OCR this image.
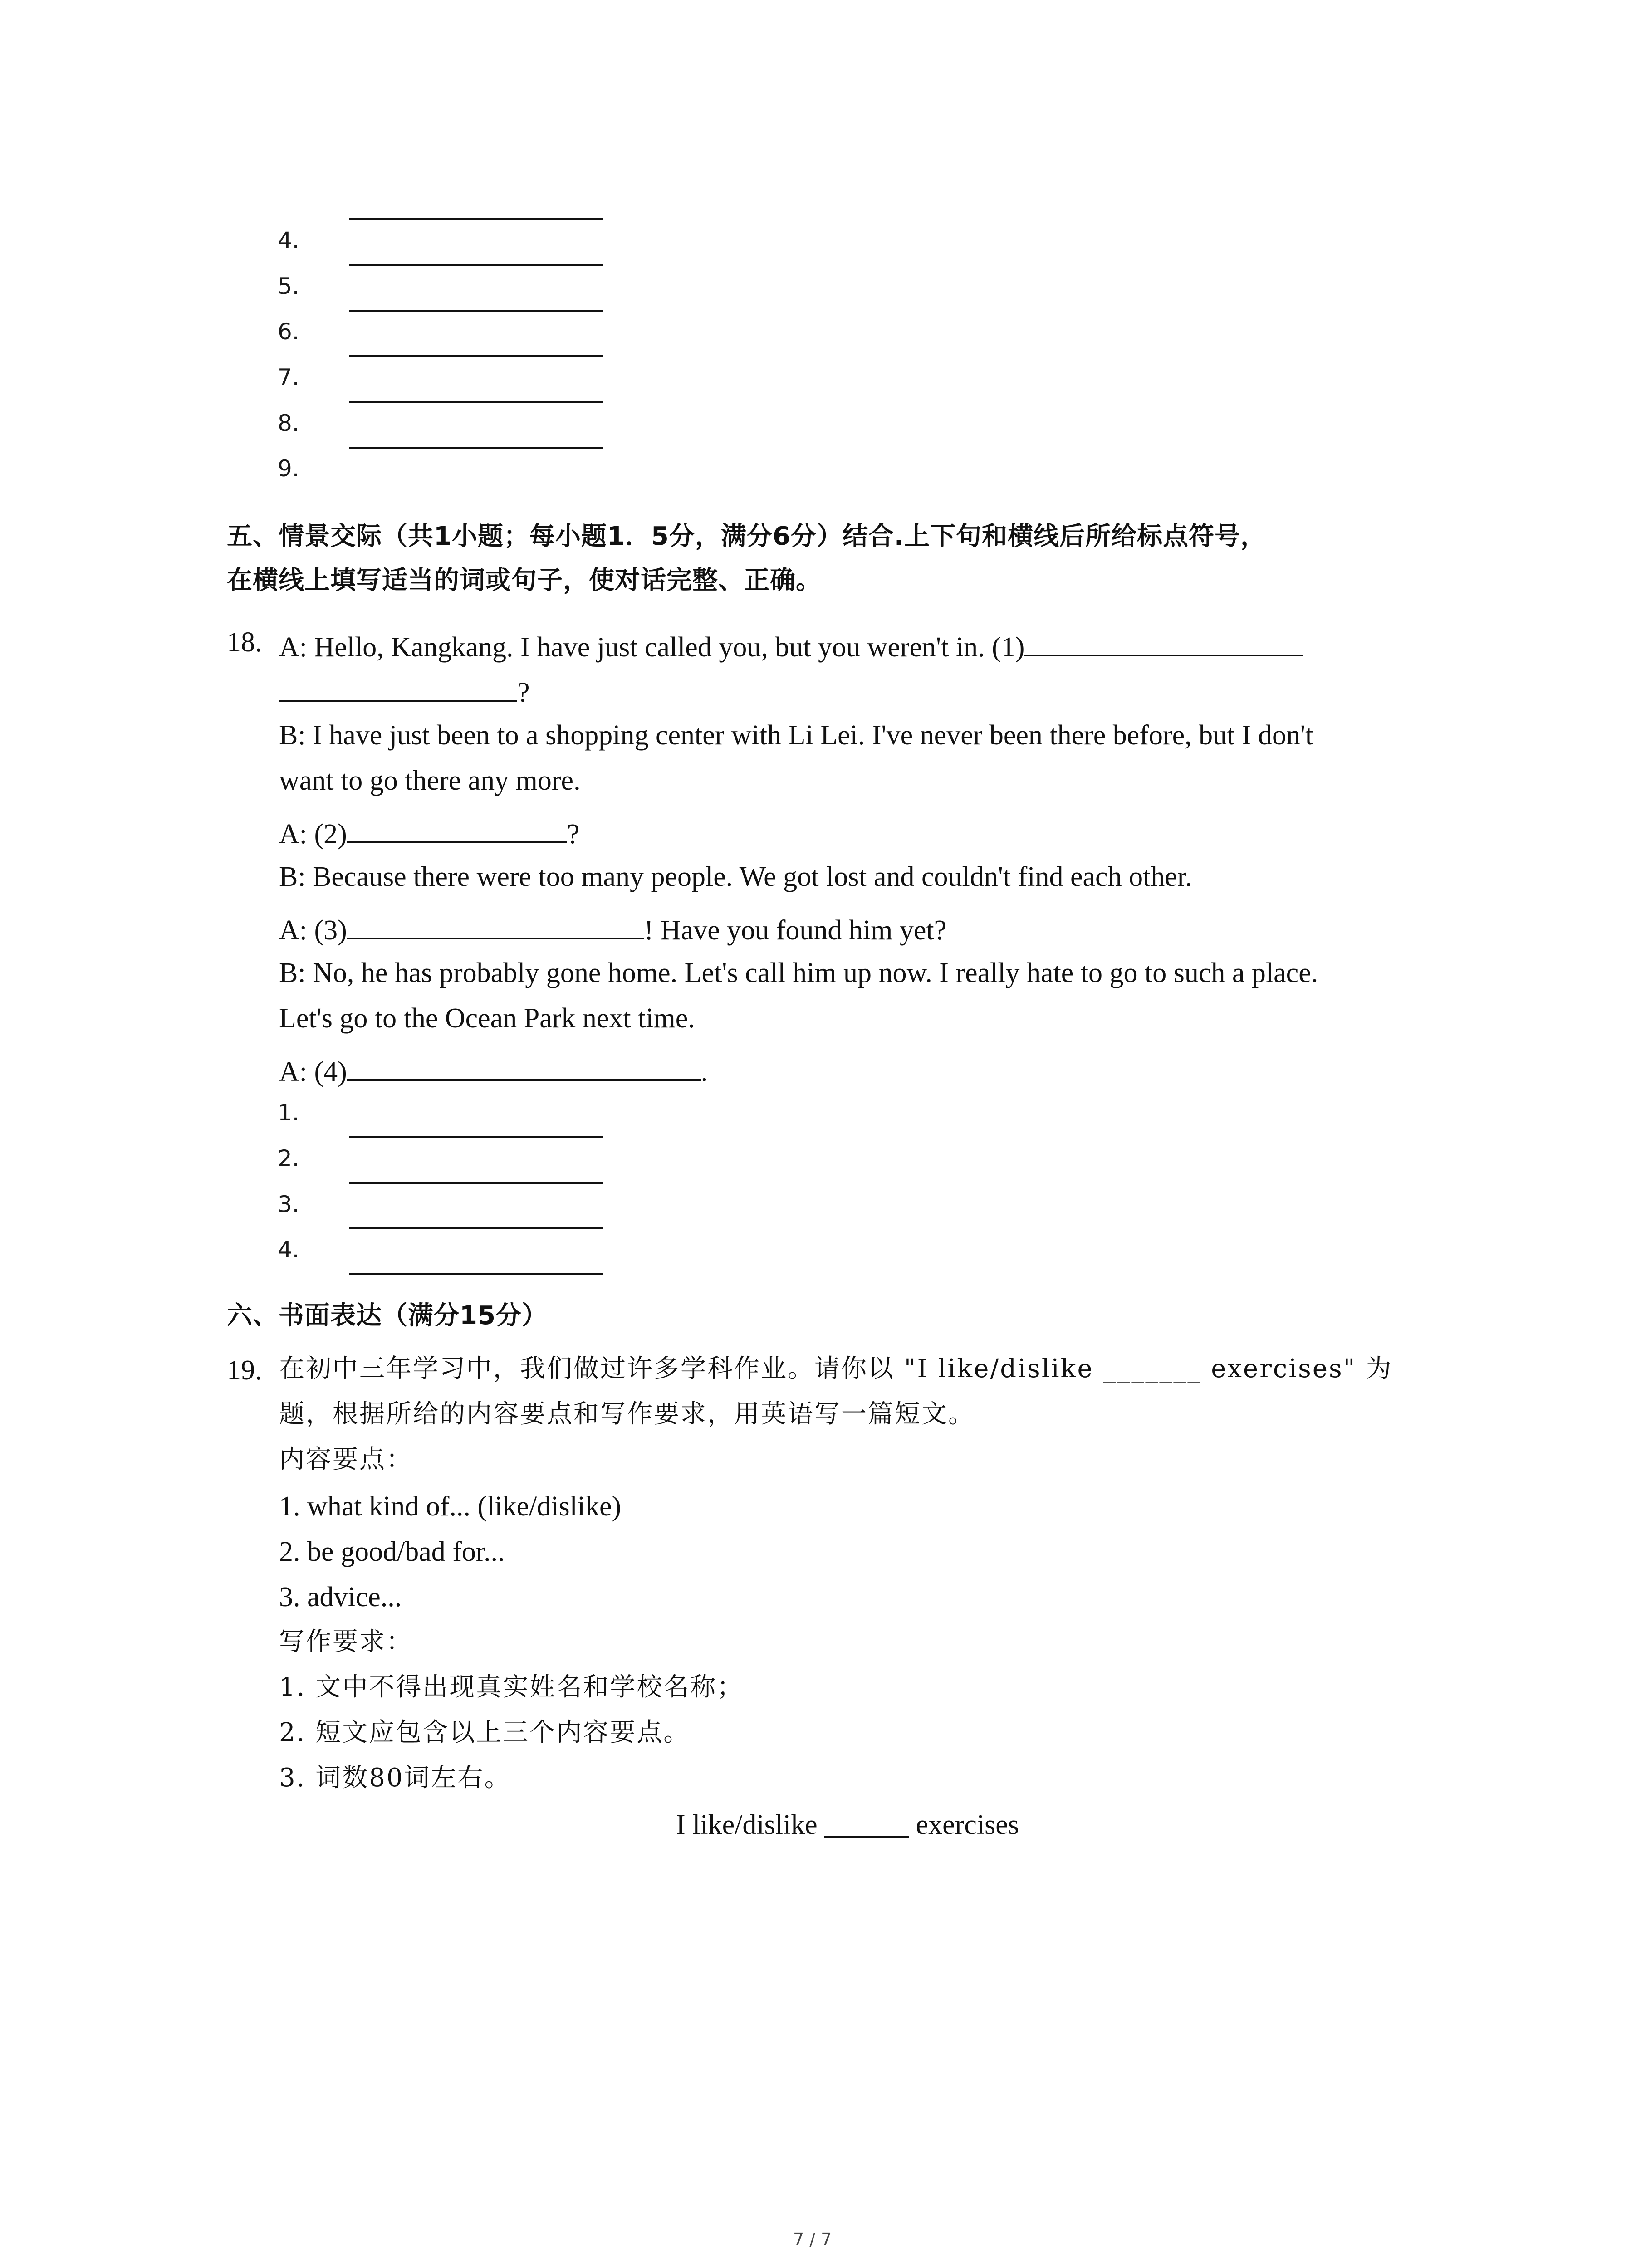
4.
5.
6.
7.
8.
9.
五、情景交际（共1小题；每小题1．5分，满分6分）结合.上下句和横线后所给标点符号，
在横线上填写适当的词或句子，使对话完整、正确。
18. A: Hello, Kangkang. I have just called you, but you weren't in. (1)
?
B: I have just been to a shopping center with Li Lei. I've never been there before, but I don't
want to go there any more.
A: (2)	?
B: Because there were too many people. We got lost and couldn't find each other.
A: (3)	! Have you found him yet?
B: No, he has probably gone home. Let's call him up now. I really hate to go to such a place.
Let's go to the Ocean Park next time.
A: (4)	.
1.
2.
3.
4.
六、书面表达（满分15分）
19. 在初中三年学习中，我们做过许多学科作业。请你以 "I like/dislike _______ exercises" 为
题，根据所给的内容要点和写作要求，用英语写一篇短文。
内容要点：
1. what kind of... (like/dislike)
2. be good/bad for...
3. advice...
写作要求：
1. 文中不得出现真实姓名和学校名称；
2. 短文应包含以上三个内容要点。
3. 词数80词左右。
I like/dislike ______ exercises
7 / 7
